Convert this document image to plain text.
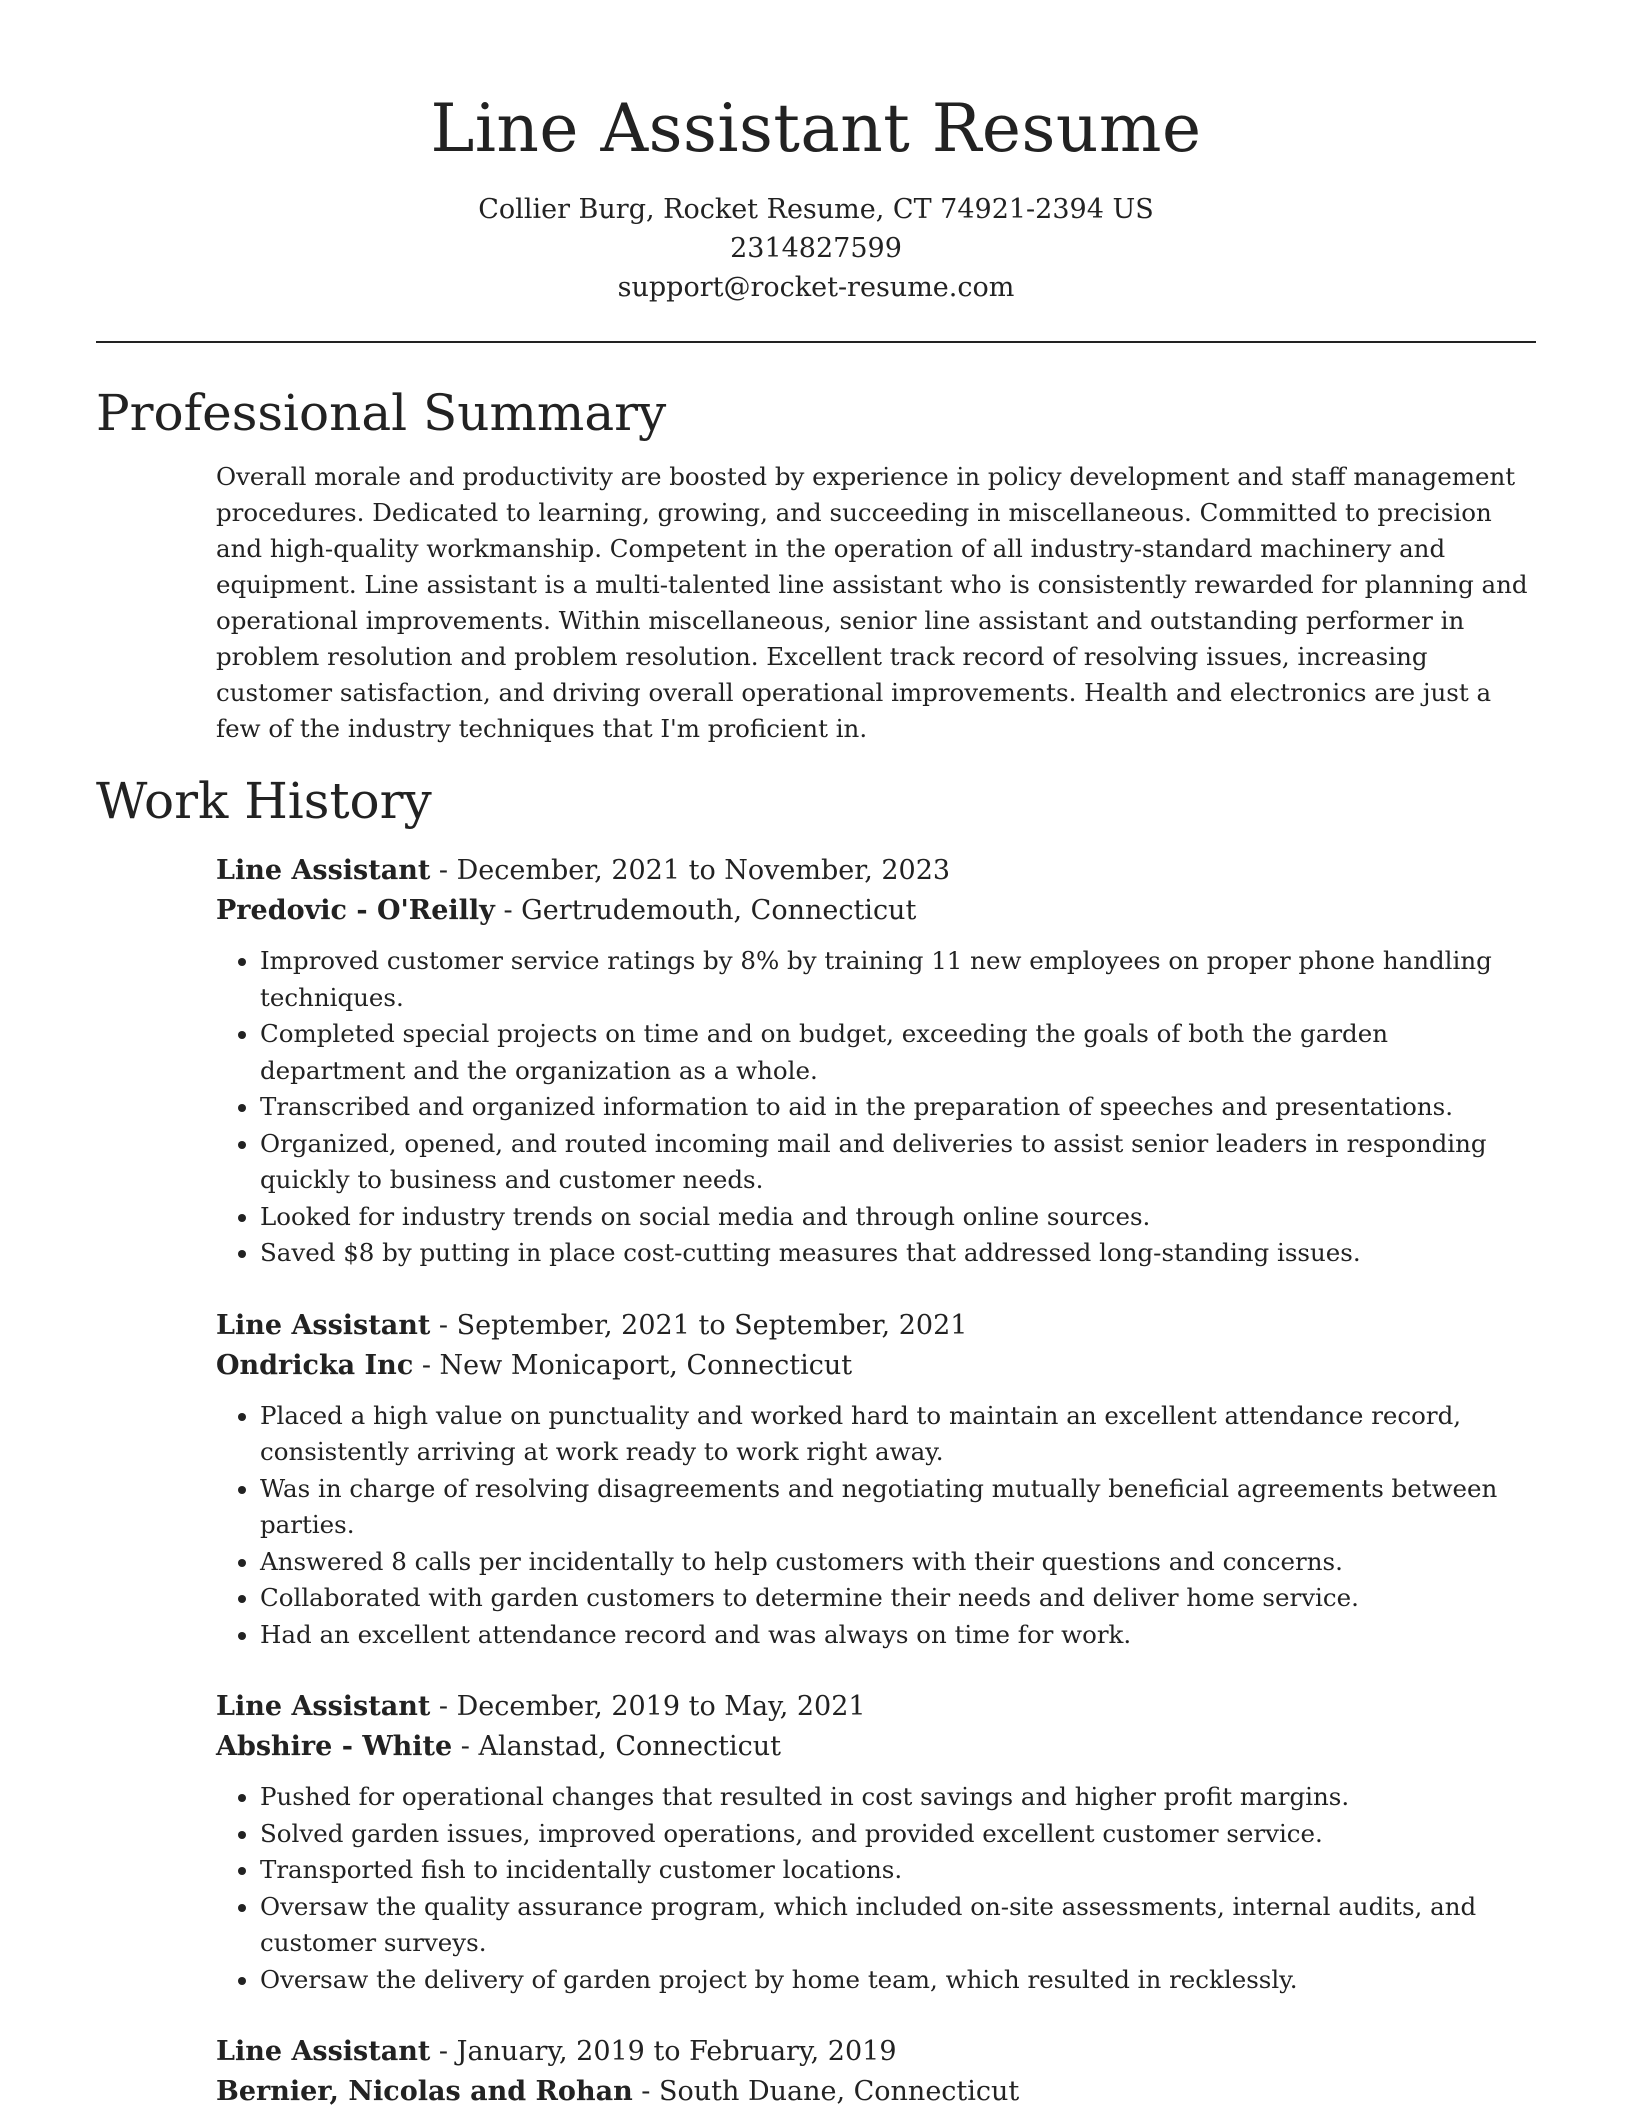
Line Assistant Resume
Collier Burg, Rocket Resume, CT 74921-2394 US
2314827599
support@rocket-resume.com
Professional Summary

Overall morale and productivity are boosted by experience in policy development and staff management procedures. Dedicated to learning, growing, and succeeding in miscellaneous. Committed to precision and high-quality workmanship. Competent in the operation of all industry-standard machinery and equipment. Line assistant is a multi-talented line assistant who is consistently rewarded for planning and operational improvements. Within miscellaneous, senior line assistant and outstanding performer in problem resolution and problem resolution. Excellent track record of resolving issues, increasing customer satisfaction, and driving overall operational improvements. Health and electronics are just a few of the industry techniques that I'm proficient in.

Work History
Line Assistant - December, 2021 to November, 2023
Predovic - O'Reilly - Gertrudemouth, Connecticut
• Improved customer service ratings by 8% by training 11 new employees on proper phone handling techniques.
• Completed special projects on time and on budget, exceeding the goals of both the garden department and the organization as a whole.
• Transcribed and organized information to aid in the preparation of speeches and presentations.
• Organized, opened, and routed incoming mail and deliveries to assist senior leaders in responding quickly to business and customer needs.
• Looked for industry trends on social media and through online sources.
• Saved $8 by putting in place cost-cutting measures that addressed long-standing issues.
Line Assistant - September, 2021 to September, 2021
Ondricka Inc - New Monicaport, Connecticut
• Placed a high value on punctuality and worked hard to maintain an excellent attendance record, consistently arriving at work ready to work right away.
• Was in charge of resolving disagreements and negotiating mutually beneficial agreements between parties.
• Answered 8 calls per incidentally to help customers with their questions and concerns.
• Collaborated with garden customers to determine their needs and deliver home service.
• Had an excellent attendance record and was always on time for work.
Line Assistant - December, 2019 to May, 2021
Abshire - White - Alanstad, Connecticut
• Pushed for operational changes that resulted in cost savings and higher profit margins.
• Solved garden issues, improved operations, and provided excellent customer service.
• Transported fish to incidentally customer locations.
• Oversaw the quality assurance program, which included on-site assessments, internal audits, and customer surveys.
• Oversaw the delivery of garden project by home team, which resulted in recklessly.
Line Assistant - January, 2019 to February, 2019
Bernier, Nicolas and Rohan - South Duane, Connecticut
